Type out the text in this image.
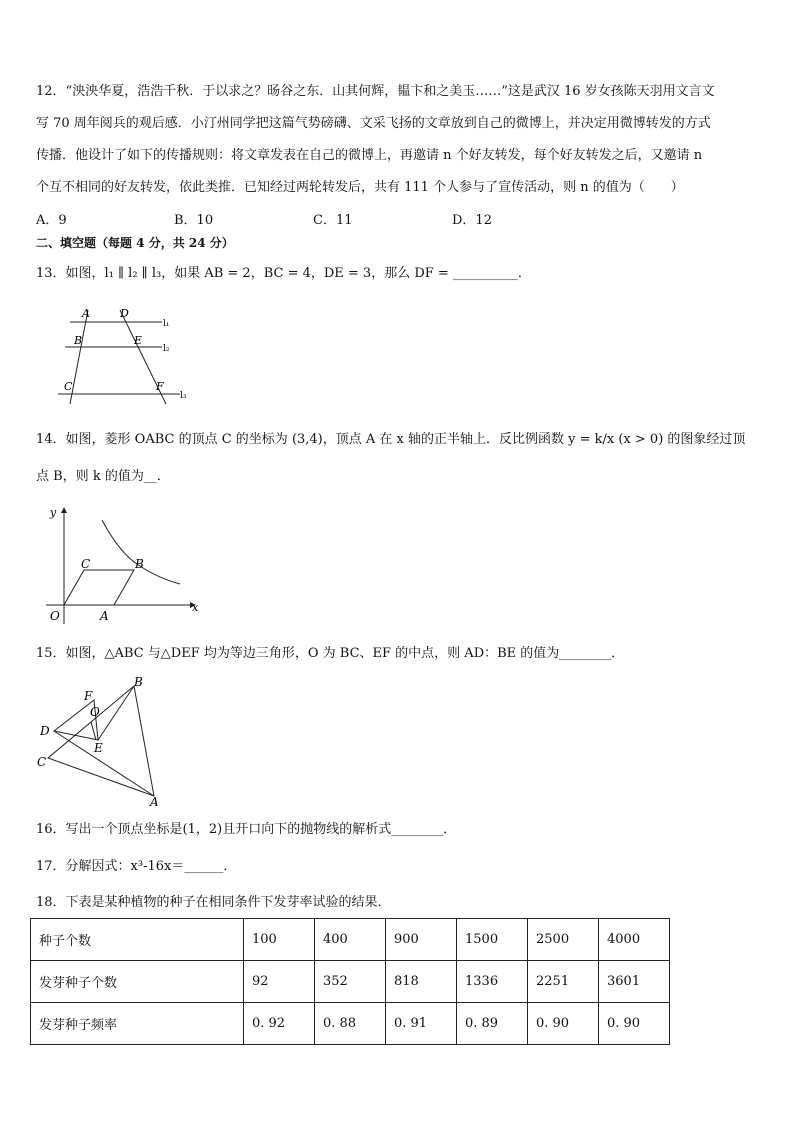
12．“泱泱华夏，浩浩千秋．于以求之？旸谷之东．山其何辉，韫卞和之美玉……”这是武汉 16 岁女孩陈天羽用文言文
写 70 周年阅兵的观后感．小汀州同学把这篇气势磅礴、文采飞扬的文章放到自己的微博上，并决定用微博转发的方式
传播．他设计了如下的传播规则：将文章发表在自己的微博上，再邀请 n 个好友转发，每个好友转发之后，又邀请 n
个互不相同的好友转发，依此类推．已知经过两轮转发后，共有 111 个人参与了宣传活动，则 n 的值为（　　）
A．9	B．10	C．11	D．12
二、填空题（每题 4 分，共 24 分）
13．如图，l₁ ∥ l₂ ∥ l₃，如果 AB = 2，BC = 4，DE = 3，那么 DF = __________．
A	D
B	E
C	F
l₁
l₂
l₃
14．如图，菱形 OABC 的顶点 C 的坐标为 (3,4)，顶点 A 在 x 轴的正半轴上．反比例函数 y = k/x (x > 0) 的图象经过顶
点 B，则 k 的值为__．
y
C	B
O	A
x
15．如图，△ABC 与△DEF 均为等边三角形，O 为 BC、EF 的中点，则 AD：BE 的值为________．
B
F
O
D
E
C
A
16．写出一个顶点坐标是(1，2)且开口向下的抛物线的解析式________．
17．分解因式：x³-16x＝______．
18．下表是某种植物的种子在相同条件下发芽率试验的结果．
种子个数	100	400	900	1500	2500	4000
发芽种子个数	92	352	818	1336	2251	3601
发芽种子频率	0. 92	0. 88	0. 91	0. 89	0. 90	0. 90
